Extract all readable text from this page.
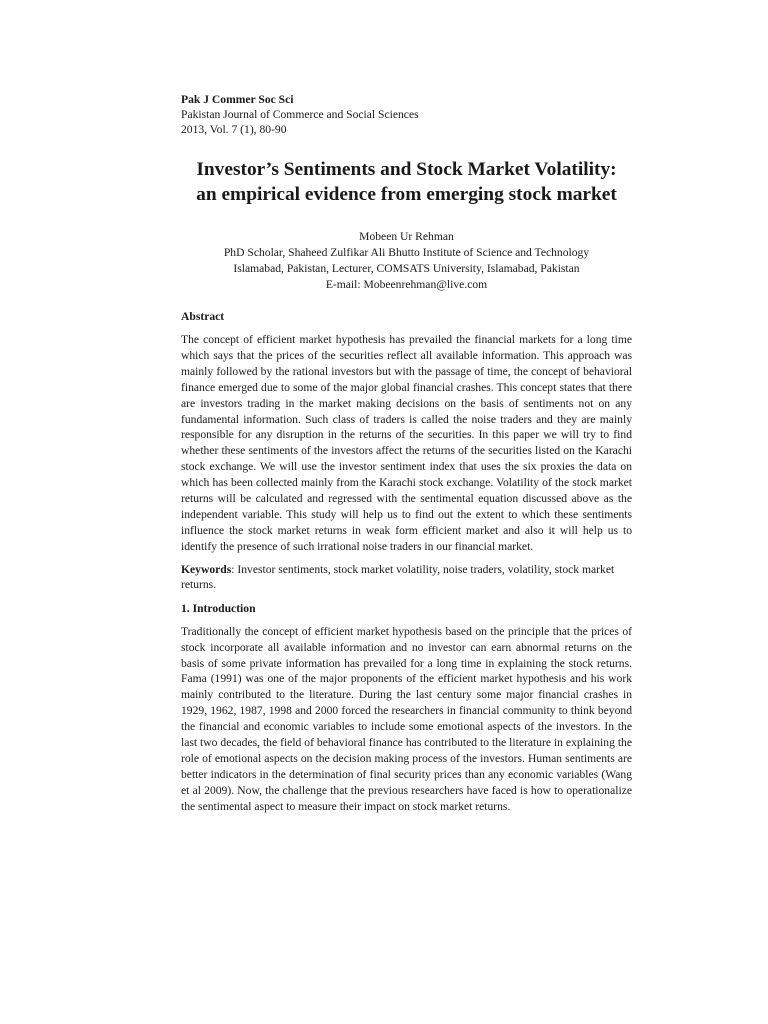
Pak J Commer Soc Sci
Pakistan Journal of Commerce and Social Sciences
2013, Vol. 7 (1), 80-90
Investor’s Sentiments and Stock Market Volatility:
an empirical evidence from emerging stock market
Mobeen Ur Rehman
PhD Scholar, Shaheed Zulfikar Ali Bhutto Institute of Science and Technology
Islamabad, Pakistan, Lecturer, COMSATS University, Islamabad, Pakistan
E-mail: Mobeenrehman@live.com
Abstract

The concept of efficient market hypothesis has prevailed the financial markets for a long time which says that the prices of the securities reflect all available information. This approach was mainly followed by the rational investors but with the passage of time, the concept of behavioral finance emerged due to some of the major global financial crashes. This concept states that there are investors trading in the market making decisions on the basis of sentiments not on any fundamental information. Such class of traders is called the noise traders and they are mainly responsible for any disruption in the returns of the securities. In this paper we will try to find whether these sentiments of the investors affect the returns of the securities listed on the Karachi stock exchange. We will use the investor sentiment index that uses the six proxies the data on which has been collected mainly from the Karachi stock exchange. Volatility of the stock market returns will be calculated and regressed with the sentimental equation discussed above as the independent variable. This study will help us to find out the extent to which these sentiments influence the stock market returns in weak form efficient market and also it will help us to identify the presence of such irrational noise traders in our financial market.

Keywords: Investor sentiments, stock market volatility, noise traders, volatility, stock market returns.

1. Introduction

Traditionally the concept of efficient market hypothesis based on the principle that the prices of stock incorporate all available information and no investor can earn abnormal returns on the basis of some private information has prevailed for a long time in explaining the stock returns. Fama (1991) was one of the major proponents of the efficient market hypothesis and his work mainly contributed to the literature. During the last century some major financial crashes in 1929, 1962, 1987, 1998 and 2000 forced the researchers in financial community to think beyond the financial and economic variables to include some emotional aspects of the investors. In the last two decades, the field of behavioral finance has contributed to the literature in explaining the role of emotional aspects on the decision making process of the investors. Human sentiments are better indicators in the determination of final security prices than any economic variables (Wang et al 2009). Now, the challenge that the previous researchers have faced is how to operationalize the sentimental aspect to measure their impact on stock market returns.
